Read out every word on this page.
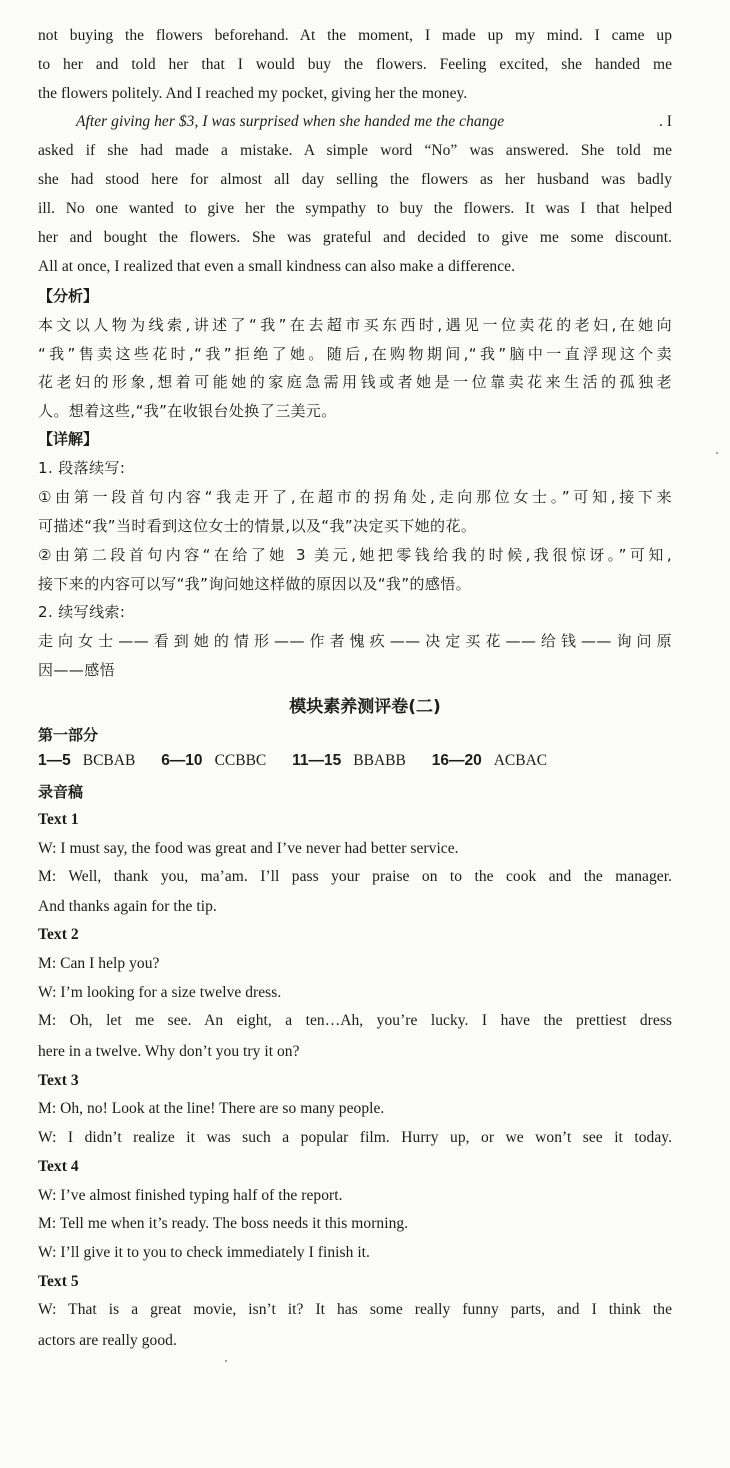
not buying the flowers beforehand. At the moment, I made up my mind. I came up
to her and told her that I would buy the flowers. Feeling excited, she handed me
the flowers politely. And I reached my pocket, giving her the money.
After giving her $3, I was surprised when she handed me the change	. I
asked if she had made a mistake. A simple word “No” was answered. She told me
she had stood here for almost all day selling the flowers as her husband was badly
ill. No one wanted to give her the sympathy to buy the flowers. It was I that helped
her and bought the flowers. She was grateful and decided to give me some discount.
All at once, I realized that even a small kindness can also make a difference.
【分析】
本文以人物为线索,讲述了“我”在去超市买东西时,遇见一位卖花的老妇,在她向
“我”售卖这些花时,“我”拒绝了她。随后,在购物期间,“我”脑中一直浮现这个卖
花老妇的形象,想着可能她的家庭急需用钱或者她是一位靠卖花来生活的孤独老
人。想着这些,“我”在收银台处换了三美元。
【详解】
1. 段落续写:
①由第一段首句内容“我走开了,在超市的拐角处,走向那位女士。”可知,接下来
可描述“我”当时看到这位女士的情景,以及“我”决定买下她的花。
②由第二段首句内容“在给了她 3 美元,她把零钱给我的时候,我很惊讶。”可知,
接下来的内容可以写“我”询问她这样做的原因以及“我”的感悟。
2. 续写线索:
走向女士——看到她的情形——作者愧疚——决定买花——给钱——询问原
因——感悟
模块素养测评卷(二)
第一部分
1—5 BCBAB 6—10 CCBBC 11—15 BBABB 16—20 ACBAC
录音稿
Text 1
W: I must say, the food was great and I’ve never had better service.
M: Well, thank you, ma’am. I’ll pass your praise on to the cook and the manager.
And thanks again for the tip.
Text 2
M: Can I help you?
W: I’m looking for a size twelve dress.
M: Oh, let me see. An eight, a ten…Ah, you’re lucky. I have the prettiest dress
here in a twelve. Why don’t you try it on?
Text 3
M: Oh, no! Look at the line! There are so many people.
W: I didn’t realize it was such a popular film. Hurry up, or we won’t see it today.
Text 4
W: I’ve almost finished typing half of the report.
M: Tell me when it’s ready. The boss needs it this morning.
W: I’ll give it to you to check immediately I finish it.
Text 5
W: That is a great movie, isn’t it? It has some really funny parts, and I think the
actors are really good.
